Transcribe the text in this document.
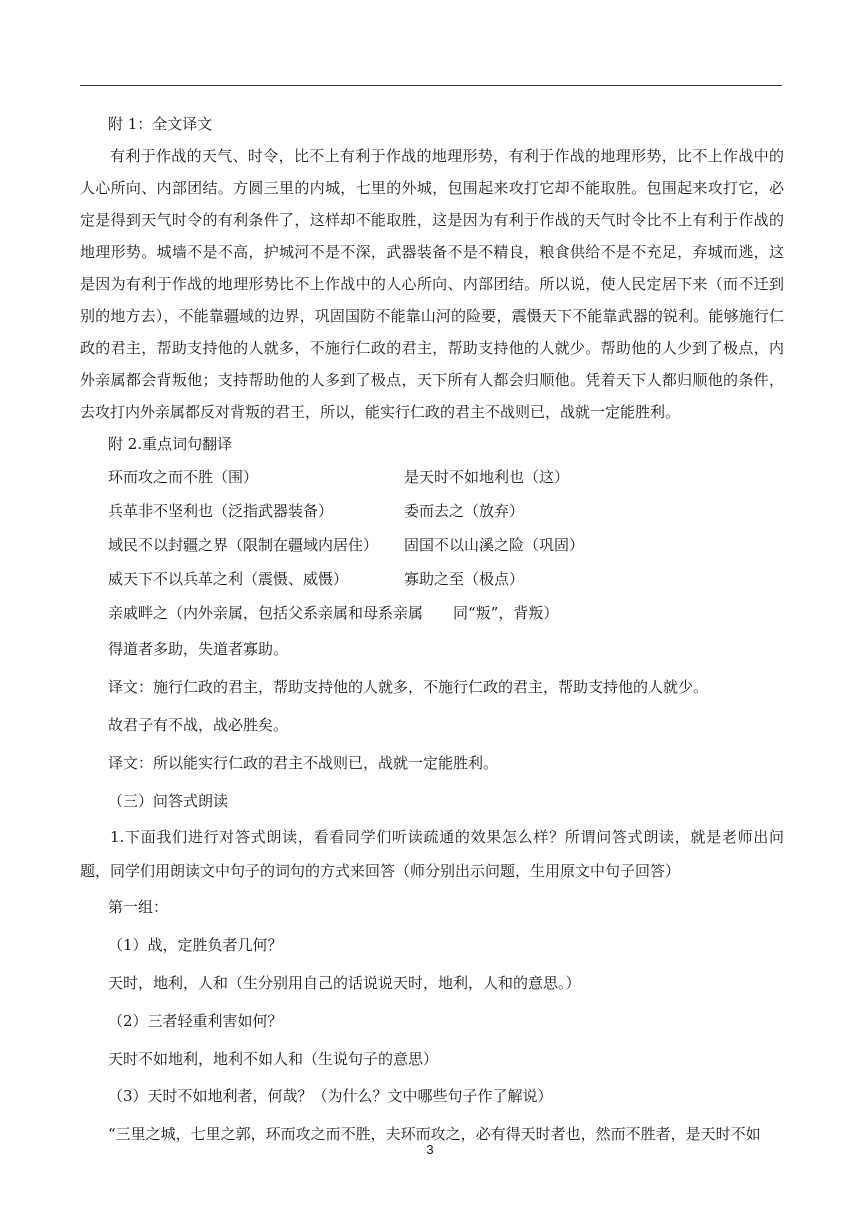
附 1：全文译文

有利于作战的天气、时令，比不上有利于作战的地理形势，有利于作战的地理形势，比不上作战中的人心所向、内部团结。方圆三里的内城，七里的外城，包围起来攻打它却不能取胜。包围起来攻打它，必定是得到天气时令的有利条件了，这样却不能取胜，这是因为有利于作战的天气时令比不上有利于作战的地理形势。城墙不是不高，护城河不是不深，武器装备不是不精良，粮食供给不是不充足，弃城而逃，这是因为有利于作战的地理形势比不上作战中的人心所向、内部团结。所以说，使人民定居下来（而不迁到别的地方去），不能靠疆域的边界，巩固国防不能靠山河的险要，震慑天下不能靠武器的锐利。能够施行仁政的君主，帮助支持他的人就多，不施行仁政的君主，帮助支持他的人就少。帮助他的人少到了极点，内外亲属都会背叛他；支持帮助他的人多到了极点，天下所有人都会归顺他。凭着天下人都归顺他的条件，去攻打内外亲属都反对背叛的君王，所以，能实行仁政的君主不战则已，战就一定能胜利。

附 2.重点词句翻译

环而攻之而不胜（围）	是天时不如地利也（这）
兵革非不坚利也（泛指武器装备）	委而去之（放弃）
域民不以封疆之界（限制在疆域内居住）	固国不以山溪之险（巩固）
威天下不以兵革之利（震慑、威慑）	寡助之至（极点）
亲戚畔之（内外亲属，包括父系亲属和母系亲属　　同“叛”，背叛）

得道者多助，失道者寡助。

译文：施行仁政的君主，帮助支持他的人就多，不施行仁政的君主，帮助支持他的人就少。

故君子有不战，战必胜矣。

译文：所以能实行仁政的君主不战则已，战就一定能胜利。

（三）问答式朗读

1.下面我们进行对答式朗读，看看同学们听读疏通的效果怎么样？所谓问答式朗读，就是老师出问题，同学们用朗读文中句子的词句的方式来回答（师分别出示问题，生用原文中句子回答）

第一组：

（1）战，定胜负者几何？

天时，地利，人和（生分别用自己的话说说天时，地利，人和的意思。）

（2）三者轻重利害如何？

天时不如地利，地利不如人和（生说句子的意思）

（3）天时不如地利者，何哉？（为什么？文中哪些句子作了解说）

“三里之城，七里之郭，环而攻之而不胜，夫环而攻之，必有得天时者也，然而不胜者，是天时不如

3
